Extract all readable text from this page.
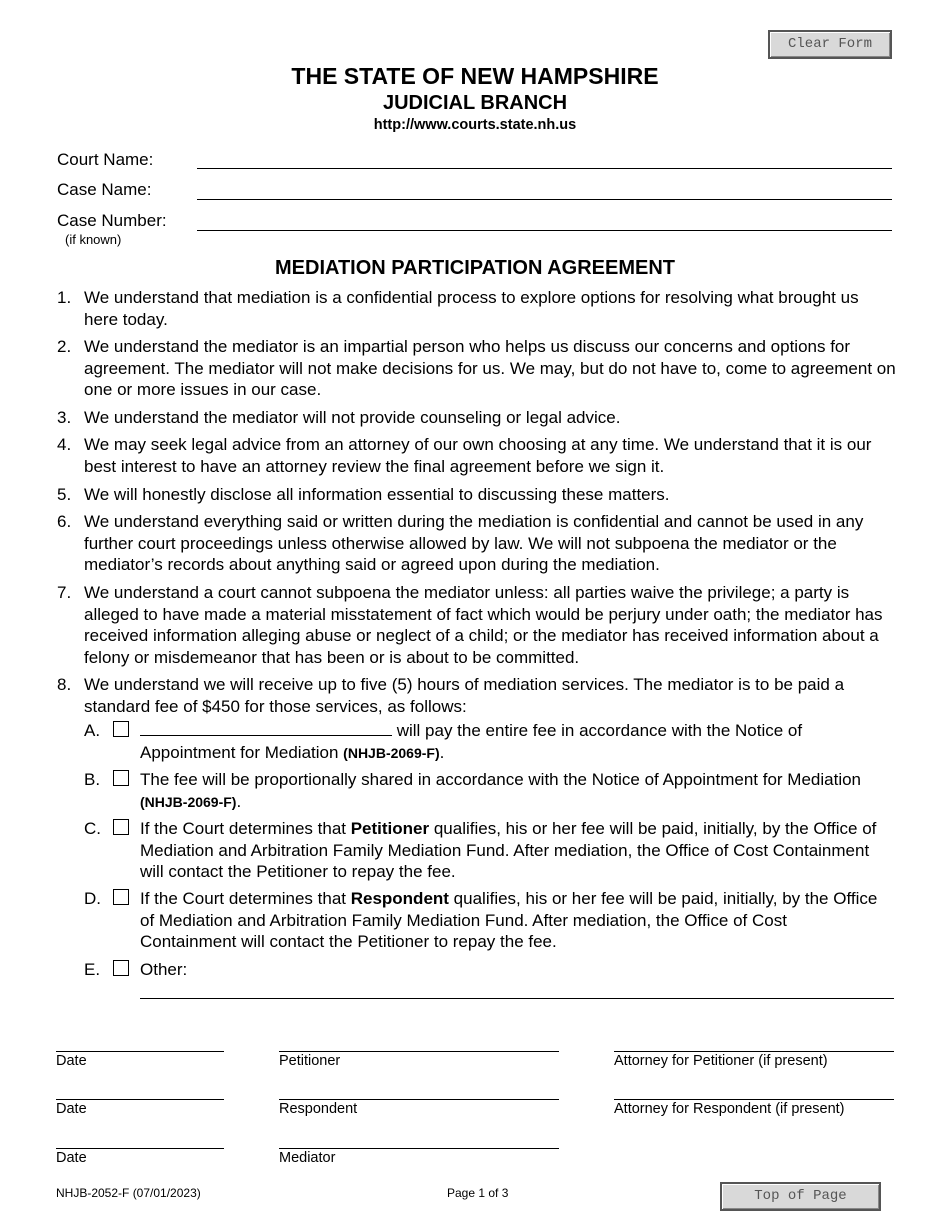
Clear Form
THE STATE OF NEW HAMPSHIRE
JUDICIAL BRANCH
http://www.courts.state.nh.us
Court Name:
Case Name:
Case Number:
(if known)
MEDIATION PARTICIPATION AGREEMENT
1. We understand that mediation is a confidential process to explore options for resolving what brought us here today.
2. We understand the mediator is an impartial person who helps us discuss our concerns and options for agreement. The mediator will not make decisions for us. We may, but do not have to, come to agreement on one or more issues in our case.
3. We understand the mediator will not provide counseling or legal advice.
4. We may seek legal advice from an attorney of our own choosing at any time. We understand that it is our best interest to have an attorney review the final agreement before we sign it.
5. We will honestly disclose all information essential to discussing these matters.
6. We understand everything said or written during the mediation is confidential and cannot be used in any further court proceedings unless otherwise allowed by law. We will not subpoena the mediator or the mediator’s records about anything said or agreed upon during the mediation.
7. We understand a court cannot subpoena the mediator unless: all parties waive the privilege; a party is alleged to have made a material misstatement of fact which would be perjury under oath; the mediator has received information alleging abuse or neglect of a child; or the mediator has received information about a felony or misdemeanor that has been or is about to be committed.
8. We understand we will receive up to five (5) hours of mediation services. The mediator is to be paid a standard fee of $450 for those services, as follows:
A.	will pay the entire fee in accordance with the Notice of Appointment for Mediation (NHJB-2069-F).
B. The fee will be proportionally shared in accordance with the Notice of Appointment for Mediation (NHJB-2069-F).
C. If the Court determines that Petitioner qualifies, his or her fee will be paid, initially, by the Office of Mediation and Arbitration Family Mediation Fund. After mediation, the Office of Cost Containment will contact the Petitioner to repay the fee.
D. If the Court determines that Respondent qualifies, his or her fee will be paid, initially, by the Office of Mediation and Arbitration Family Mediation Fund. After mediation, the Office of Cost Containment will contact the Petitioner to repay the fee.
E. Other:
Date	Petitioner	Attorney for Petitioner (if present)
Date	Respondent	Attorney for Respondent (if present)
Date	Mediator
NHJB-2052-F (07/01/2023)	Page 1 of 3	Top of Page
